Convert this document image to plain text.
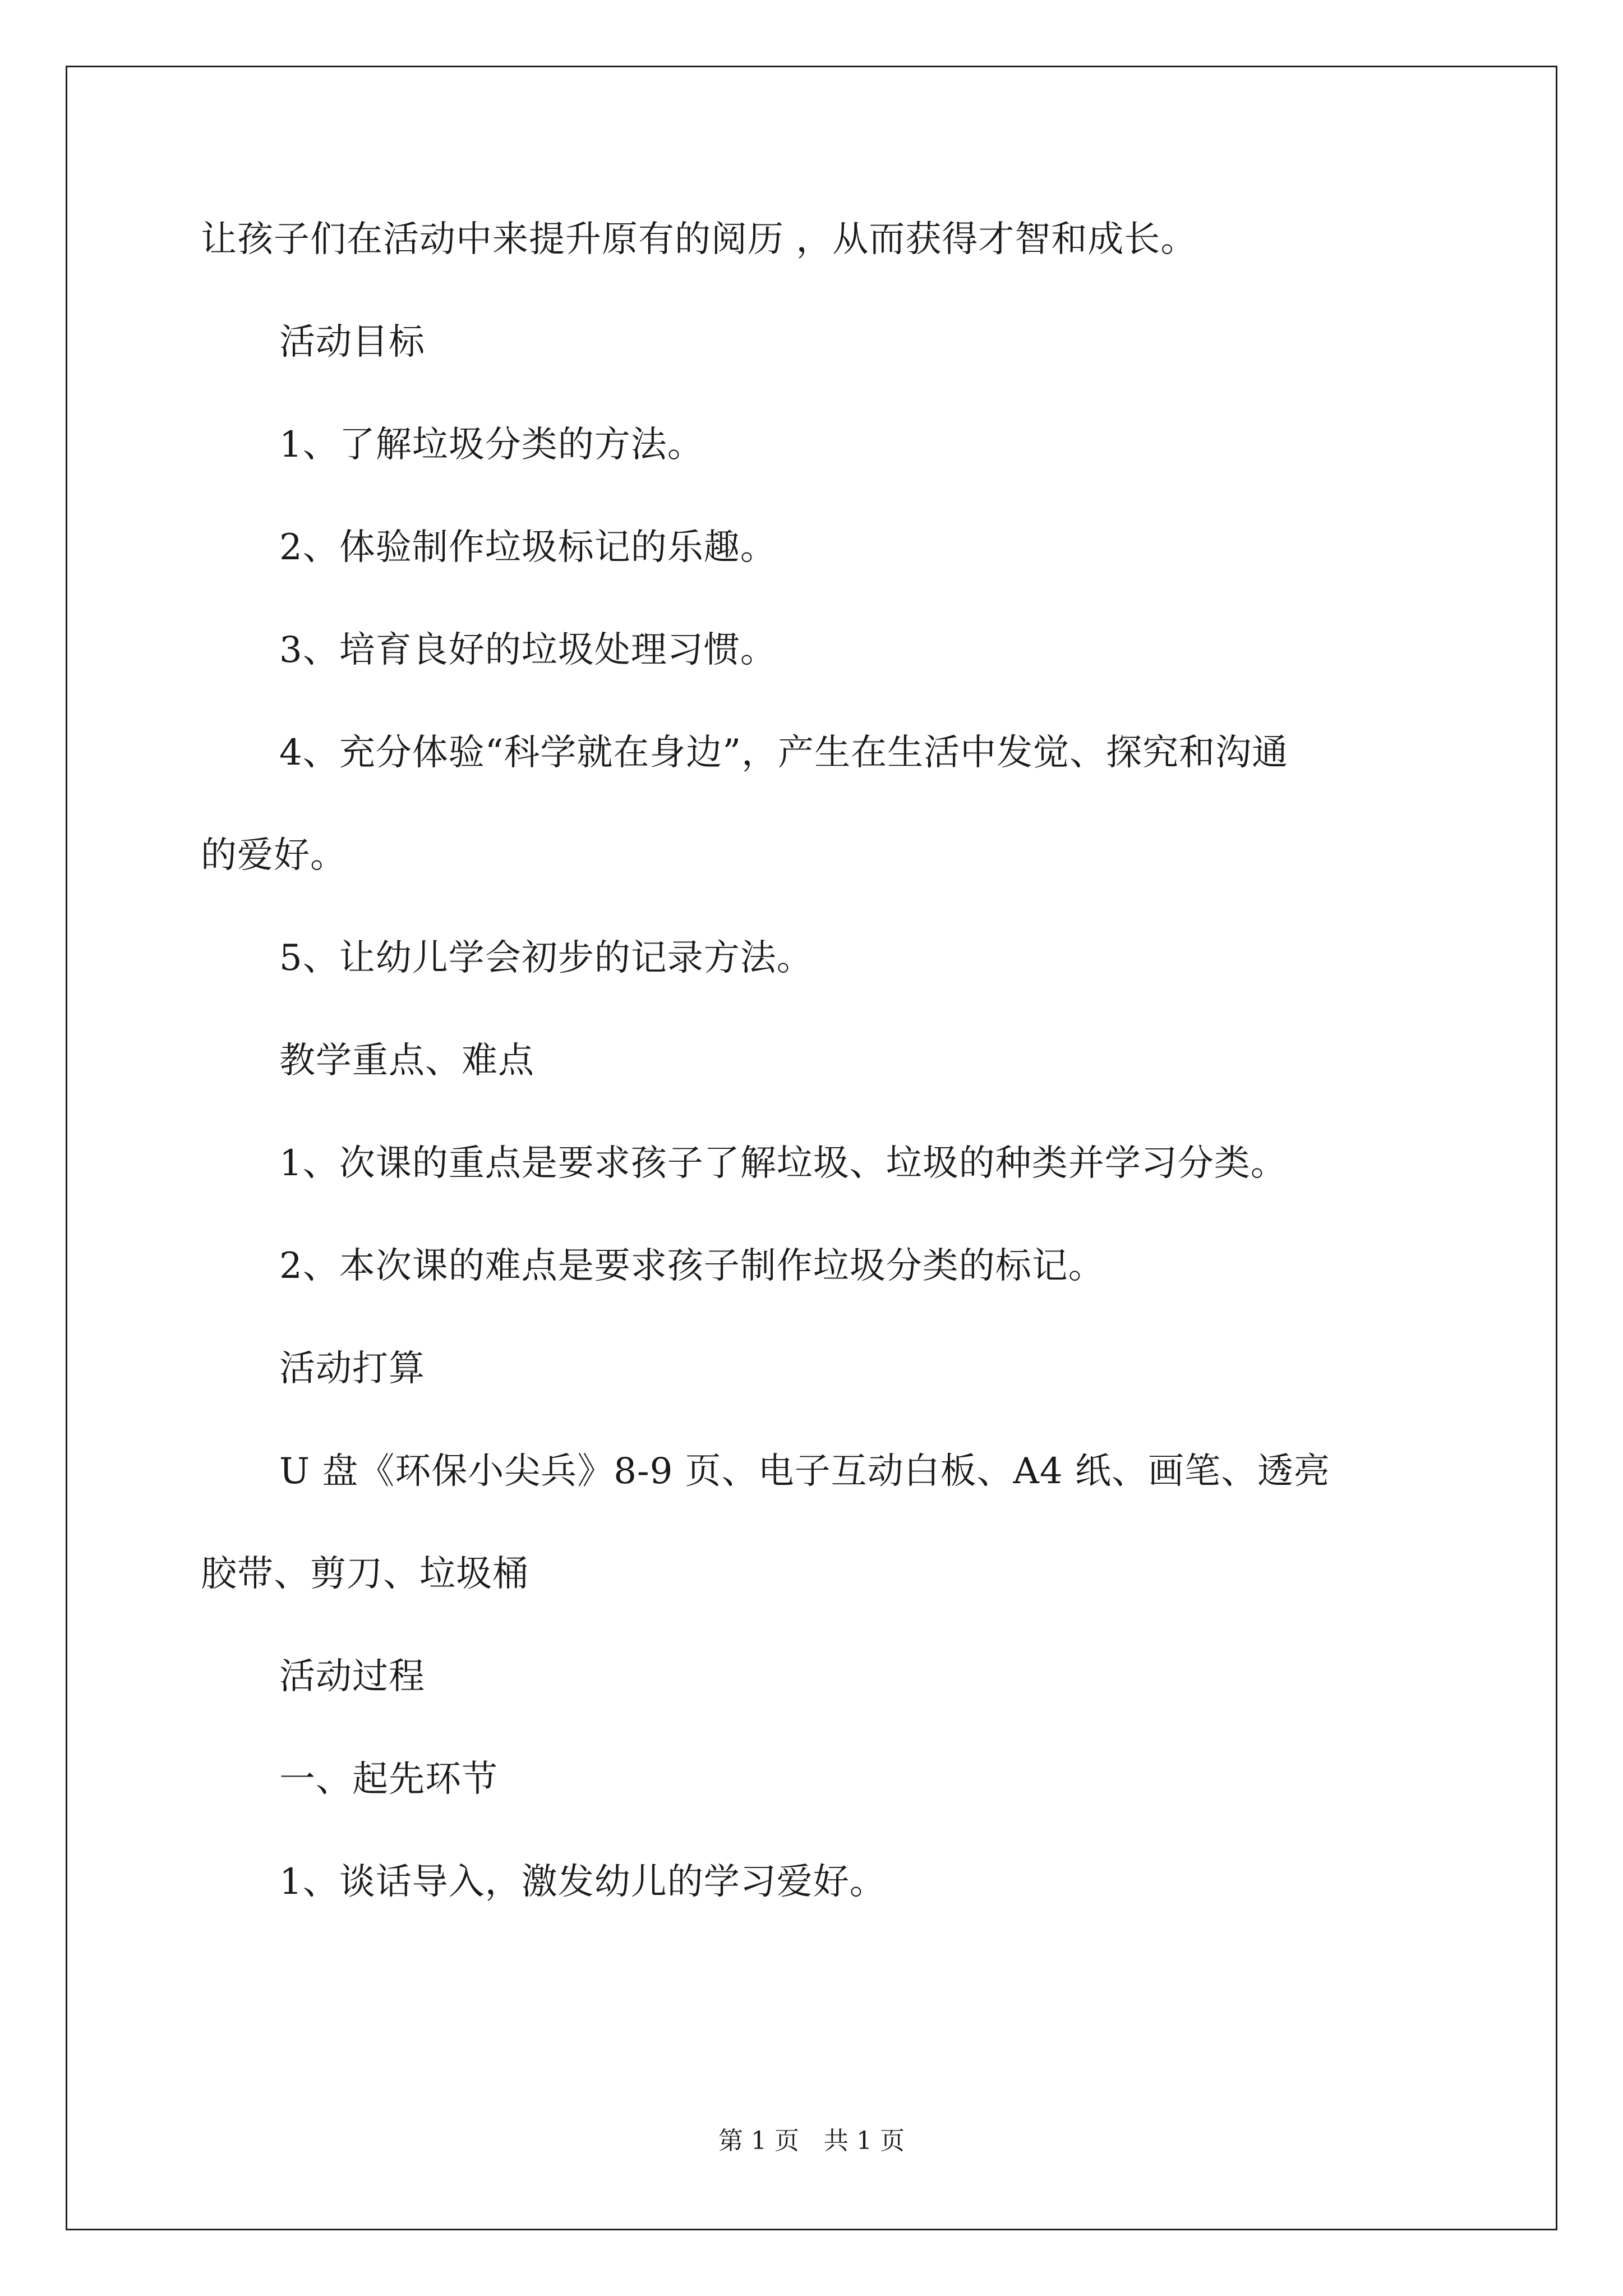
让孩子们在活动中来提升原有的阅历 ，从而获得才智和成长。

活动目标

1、了解垃圾分类的方法。

2、体验制作垃圾标记的乐趣。

3、培育良好的垃圾处理习惯。

4、充分体验“科学就在身边”，产生在生活中发觉、探究和沟通

的爱好。

5、让幼儿学会初步的记录方法。

教学重点、难点

1、次课的重点是要求孩子了解垃圾、垃圾的种类并学习分类。

2、本次课的难点是要求孩子制作垃圾分类的标记。

活动打算

U 盘《环保小尖兵》8-9 页、电子互动白板、A4 纸、画笔、透亮

胶带、剪刀、垃圾桶

活动过程

一、起先环节

1、谈话导入，激发幼儿的学习爱好。

第 1 页　共 1 页
